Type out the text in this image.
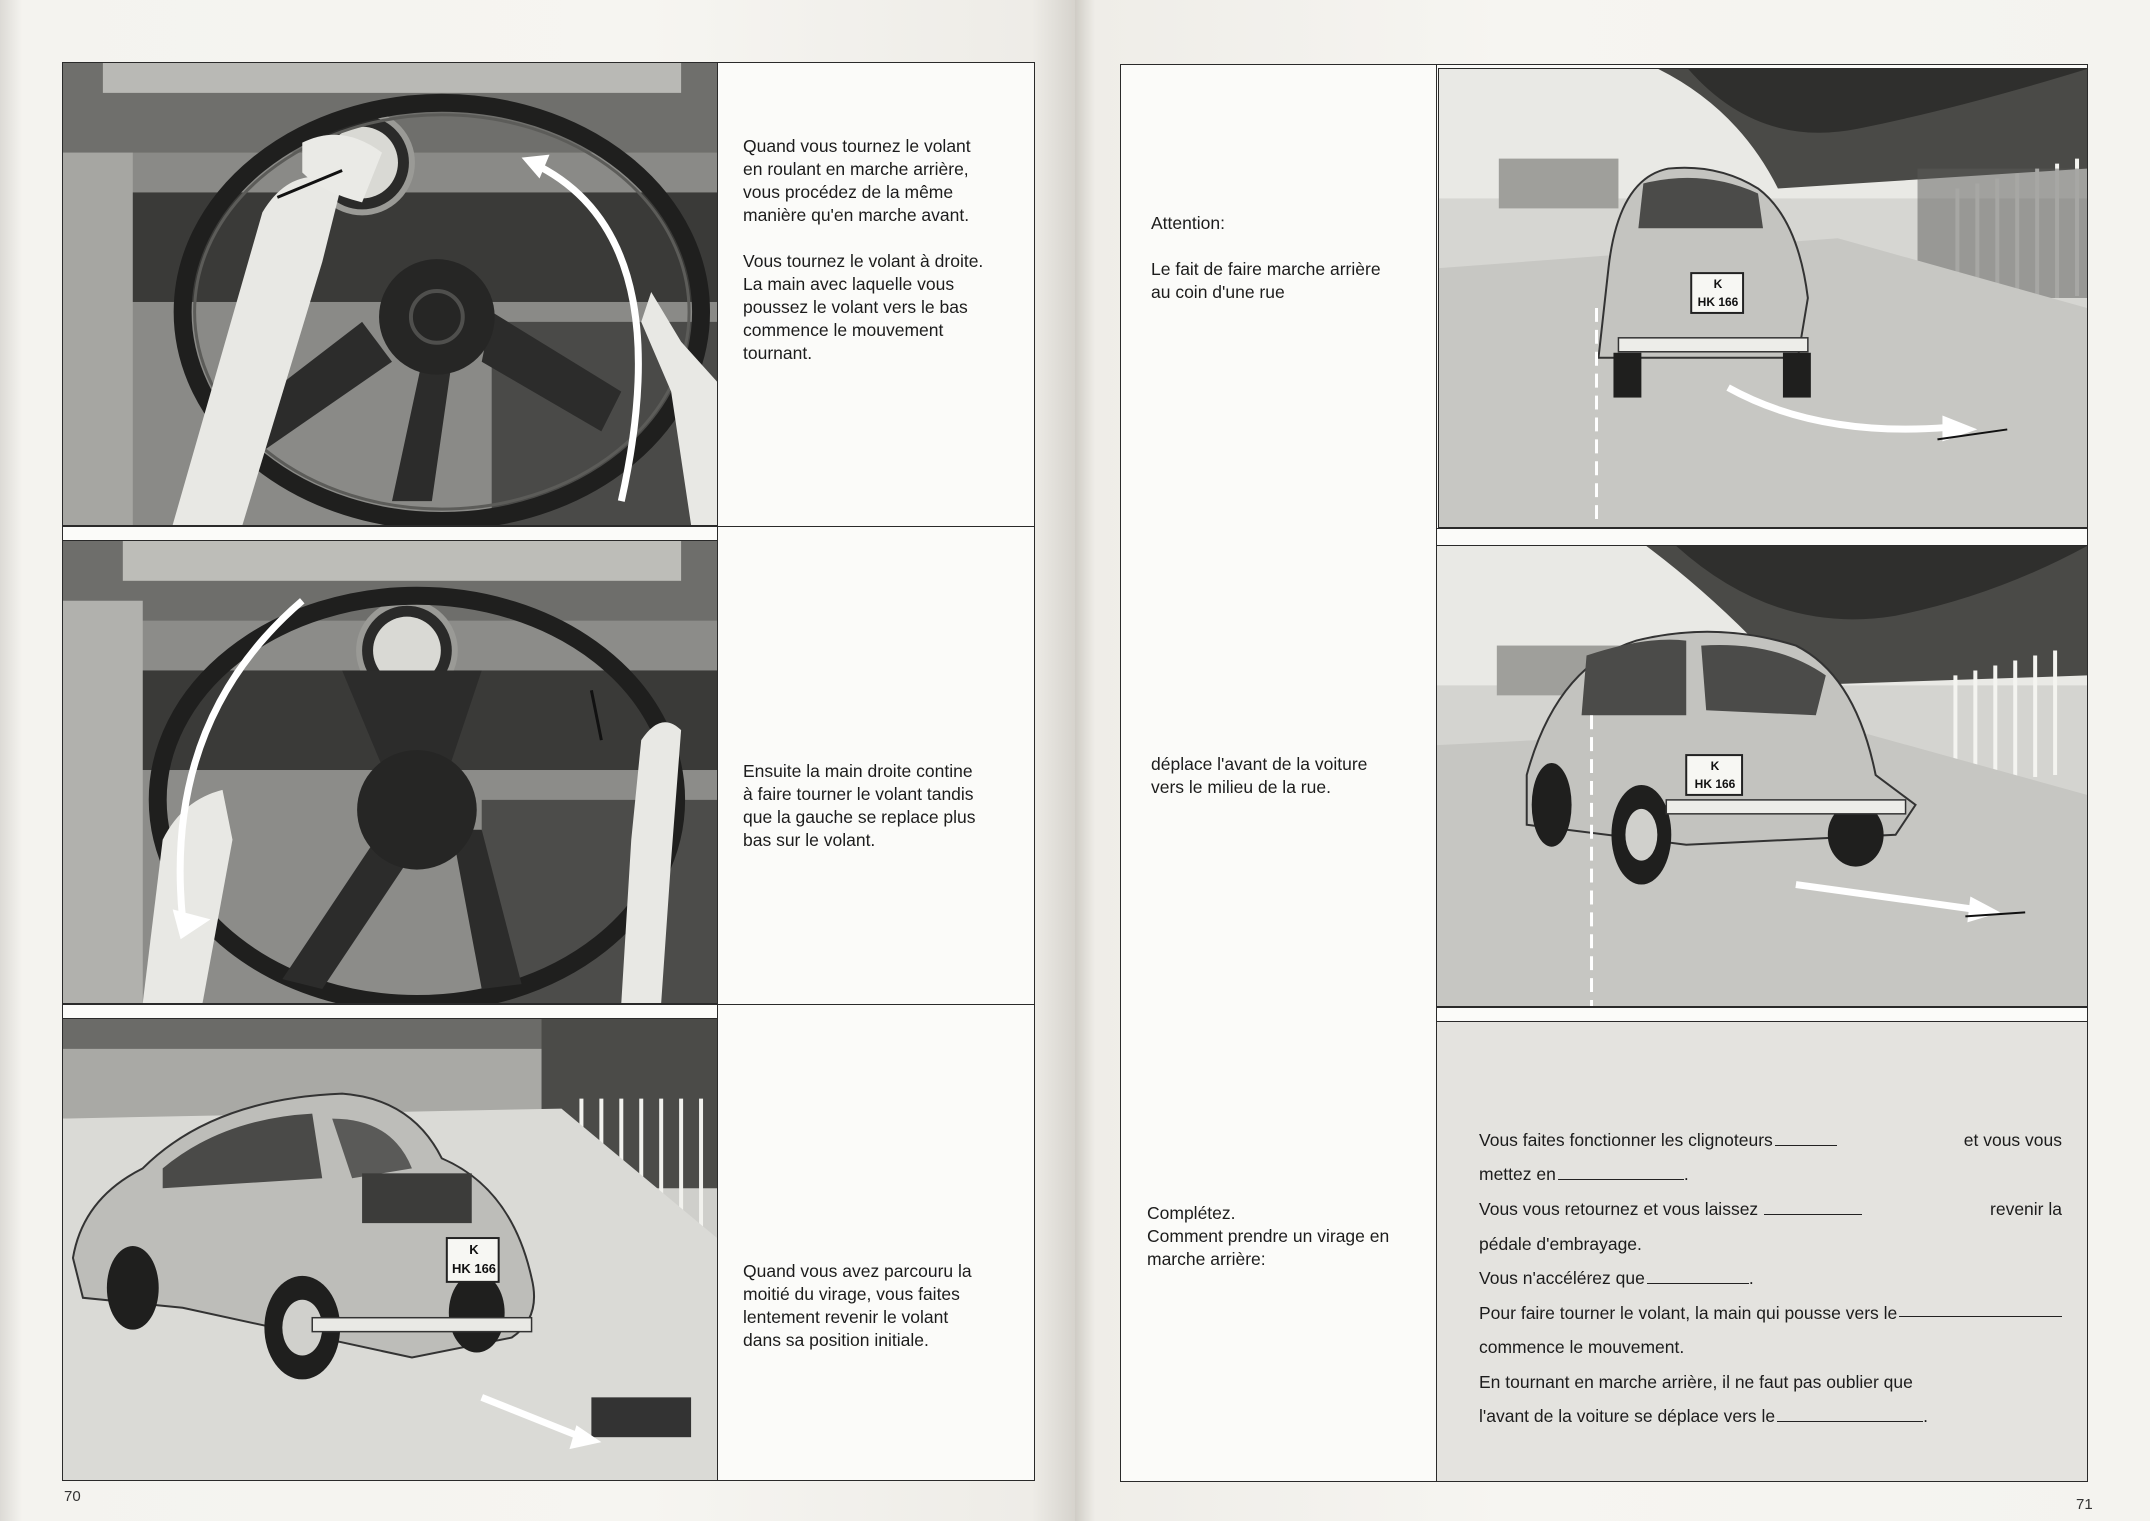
K
HK 166
Quand vous tournez le volant
en roulant en marche arrière,
vous procédez de la même
manière qu'en marche avant.

Vous tournez le volant à droite.
La main avec laquelle vous
poussez le volant vers le bas
commence le mouvement
tournant.
Ensuite la main droite contine
à faire tourner le volant tandis
que la gauche se replace plus
bas sur le volant.
Quand vous avez parcouru la
moitié du virage, vous faites
lentement revenir le volant
dans sa position initiale.
70
K
HK 166
K
HK 166
Attention:
Le fait de faire marche arrière
au coin d'une rue
déplace l'avant de la voiture
vers le milieu de la rue.
Complétez.
Comment prendre un virage en
marche arrière:
Vous faites fonctionner les clignoteurs	et vous vous
mettez en	.
Vous vous retournez et vous laissez	revenir la
pédale d'embrayage.
Vous n'accélérez que	.
Pour faire tourner le volant, la main qui pousse vers le
commence le mouvement.
En tournant en marche arrière, il ne faut pas oublier que
l'avant de la voiture se déplace vers le	.
71
